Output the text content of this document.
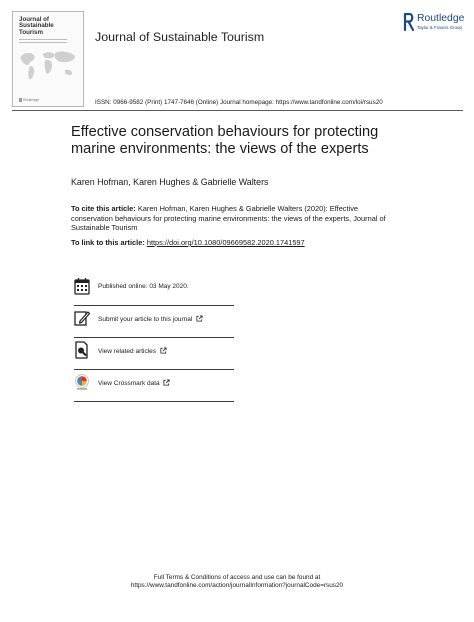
Journal of
Sustainable
Tourism
Routledge
Journal of Sustainable Tourism
Routledge
Taylor & Francis Group
ISSN: 0966-9582 (Print) 1747-7646 (Online) Journal homepage: https://www.tandfonline.com/loi/rsus20
Effective conservation behaviours for protecting
marine environments: the views of the experts
Karen Hofman, Karen Hughes & Gabrielle Walters
To cite this article: Karen Hofman, Karen Hughes & Gabrielle Walters (2020): Effective
conservation behaviours for protecting marine environments: the views of the experts, Journal of
Sustainable Tourism
To link to this article: https://doi.org/10.1080/09669582.2020.1741597
Published online: 03 May 2020.
Submit your article to this journal
View related articles
View Crossmark data
Full Terms & Conditions of access and use can be found at
https://www.tandfonline.com/action/journalInformation?journalCode=rsus20
